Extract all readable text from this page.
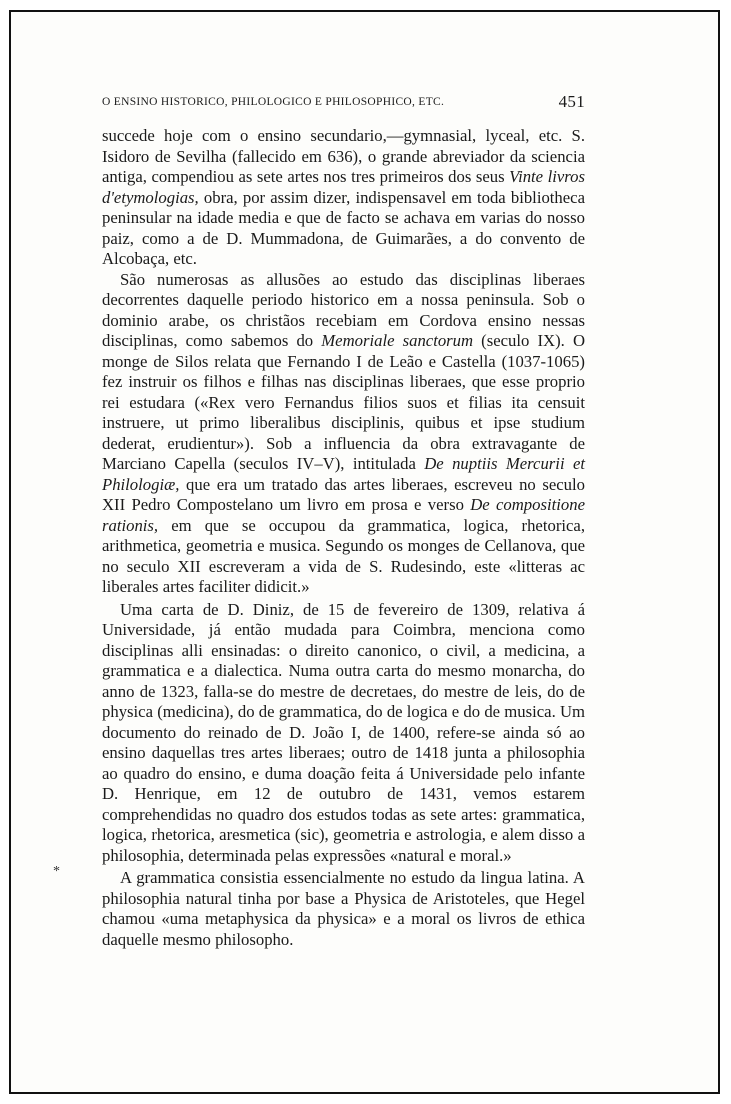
O ENSINO HISTORICO, PHILOLOGICO E PHILOSOPHICO, ETC.	451

succede hoje com o ensino secundario,—gymnasial, lyceal, etc. S. Isidoro de Sevilha (fallecido em 636), o grande abreviador da sciencia antiga, compendiou as sete artes nos tres primeiros dos seus Vinte livros d'etymologias, obra, por assim dizer, indispensavel em toda bibliotheca peninsular na idade media e que de facto se achava em varias do nosso paiz, como a de D. Mummadona, de Guimarães, a do convento de Alcobaça, etc.

São numerosas as allusões ao estudo das disciplinas liberaes decorrentes daquelle periodo historico em a nossa peninsula. Sob o dominio arabe, os christãos recebiam em Cordova ensino nessas disciplinas, como sabemos do Memoriale sanctorum (seculo IX). O monge de Silos relata que Fernando I de Leão e Castella (1037-1065) fez instruir os filhos e filhas nas disciplinas liberaes, que esse proprio rei estudara («Rex vero Fernandus filios suos et filias ita censuit instruere, ut primo liberalibus disciplinis, quibus et ipse studium dederat, erudientur»). Sob a influencia da obra extravagante de Marciano Capella (seculos IV–V), intitulada De nuptiis Mercurii et Philologiæ, que era um tratado das artes liberaes, escreveu no seculo XII Pedro Compostelano um livro em prosa e verso De compositione rationis, em que se occupou da grammatica, logica, rhetorica, arithmetica, geometria e musica. Segundo os monges de Cellanova, que no seculo XII escreveram a vida de S. Rudesindo, este «litteras ac liberales artes faciliter didicit.»

Uma carta de D. Diniz, de 15 de fevereiro de 1309, relativa á Universidade, já então mudada para Coimbra, menciona como disciplinas alli ensinadas: o direito canonico, o civil, a medicina, a grammatica e a dialectica. Numa outra carta do mesmo monarcha, do anno de 1323, falla-se do mestre de decretaes, do mestre de leis, do de physica (medicina), do de grammatica, do de logica e do de musica. Um documento do reinado de D. João I, de 1400, refere-se ainda só ao ensino daquellas tres artes liberaes; outro de 1418 junta a philosophia ao quadro do ensino, e duma doação feita á Universidade pelo infante D. Henrique, em 12 de outubro de 1431, vemos estarem comprehendidas no quadro dos estudos todas as sete artes: grammatica, logica, rhetorica, aresmetica (sic), geometria e astrologia, e alem disso a philosophia, determinada pelas expressões «natural e moral.»

A grammatica consistia essencialmente no estudo da lingua latina. A philosophia natural tinha por base a Physica de Aristoteles, que Hegel chamou «uma metaphysica da physica» e a moral os livros de ethica daquelle mesmo philosopho.

*
